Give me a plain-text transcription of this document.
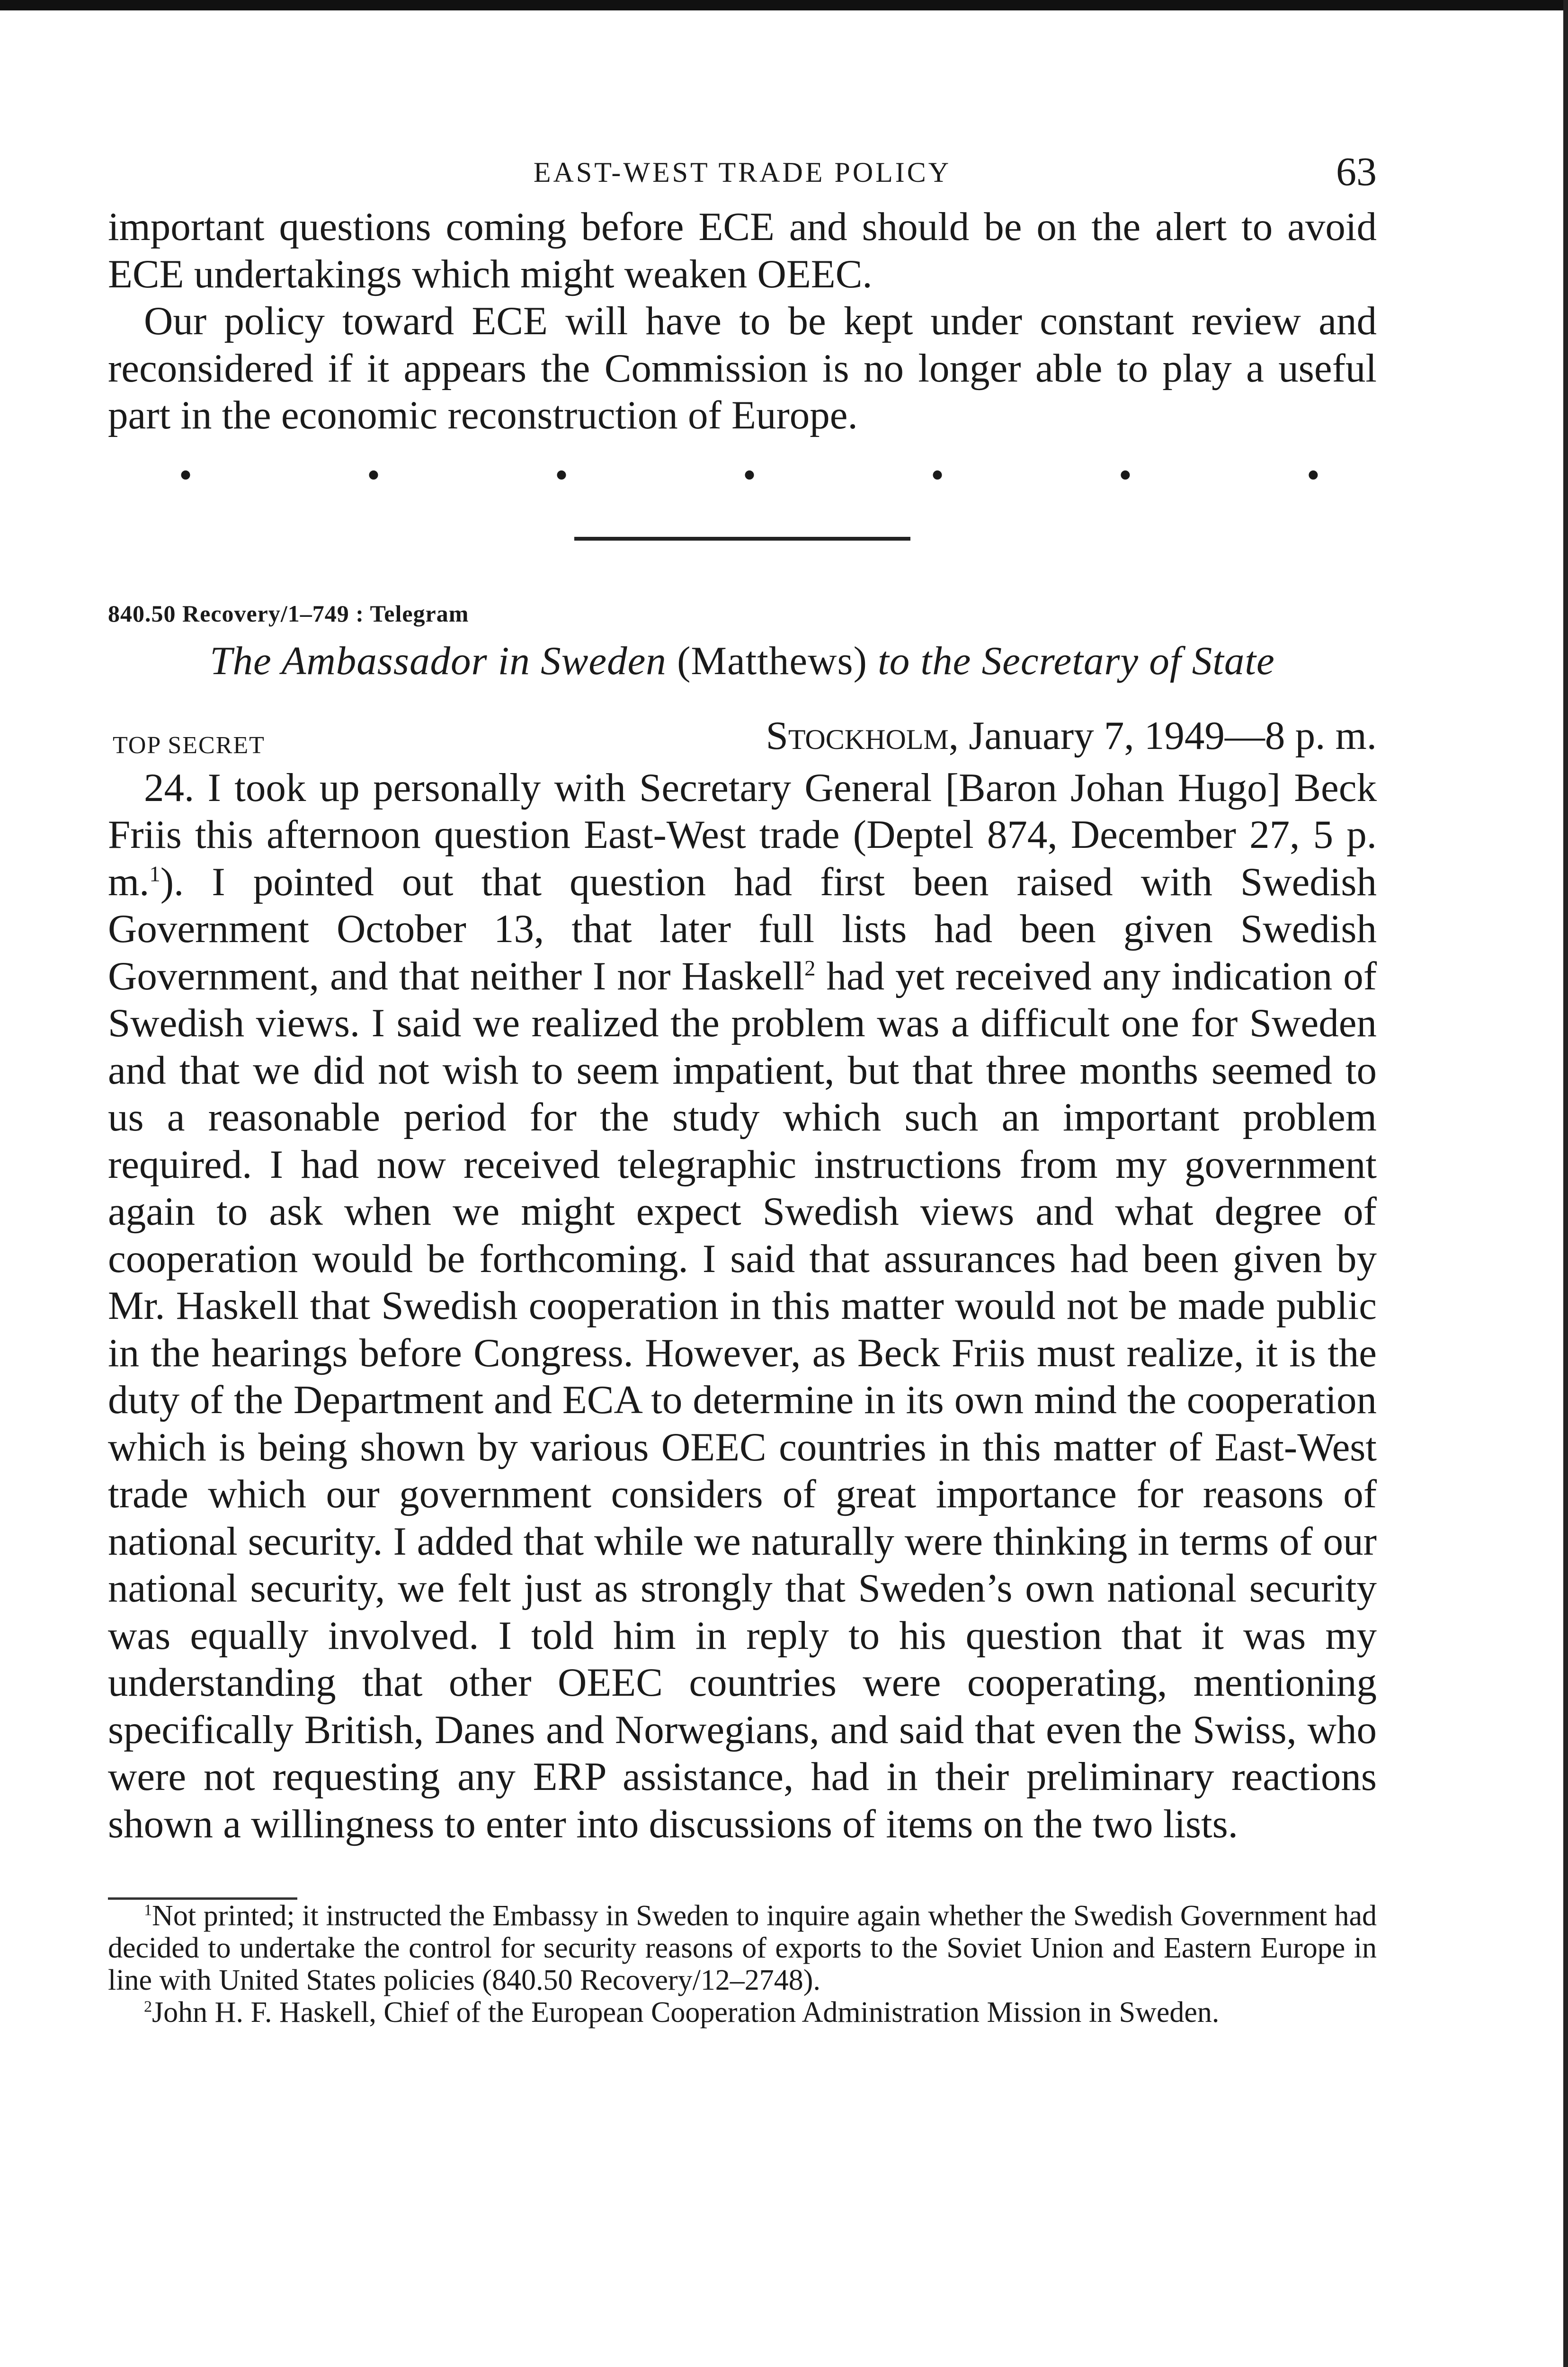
EAST-WEST TRADE POLICY	63

important questions coming before ECE and should be on the alert to avoid ECE undertakings which might weaken OEEC.

Our policy toward ECE will have to be kept under constant review and reconsidered if it appears the Commission is no longer able to play a useful part in the economic reconstruction of Europe.

•	•	•	•	•	•	•
840.50 Recovery/1–749 : Telegram
The Ambassador in Sweden (Matthews) to the Secretary of State
TOP SECRET	Stockholm, January 7, 1949—8 p. m.

24. I took up personally with Secretary General [Baron Johan Hugo] Beck Friis this afternoon question East-West trade (Deptel 874, December 27, 5 p. m.$^1$). I pointed out that question had first been raised with Swedish Government October 13, that later full lists had been given Swedish Government, and that neither I nor Haskell$^2$ had yet received any indication of Swedish views. I said we realized the problem was a difficult one for Sweden and that we did not wish to seem impatient, but that three months seemed to us a reasonable period for the study which such an important problem required. I had now received telegraphic instructions from my government again to ask when we might expect Swedish views and what degree of cooperation would be forthcoming. I said that assurances had been given by Mr. Haskell that Swedish cooperation in this matter would not be made public in the hearings before Congress. However, as Beck Friis must realize, it is the duty of the Department and ECA to determine in its own mind the cooperation which is being shown by various OEEC countries in this matter of East-West trade which our government considers of great importance for reasons of national security. I added that while we naturally were thinking in terms of our national security, we felt just as strongly that Sweden’s own national security was equally involved. I told him in reply to his question that it was my understanding that other OEEC countries were cooperating, mentioning specifically British, Danes and Norwegians, and said that even the Swiss, who were not requesting any ERP assistance, had in their preliminary reactions shown a willingness to enter into discussions of items on the two lists.

$^1$Not printed; it instructed the Embassy in Sweden to inquire again whether the Swedish Government had decided to undertake the control for security reasons of exports to the Soviet Union and Eastern Europe in line with United States policies (840.50 Recovery/12–2748).

$^2$John H. F. Haskell, Chief of the European Cooperation Administration Mission in Sweden.
